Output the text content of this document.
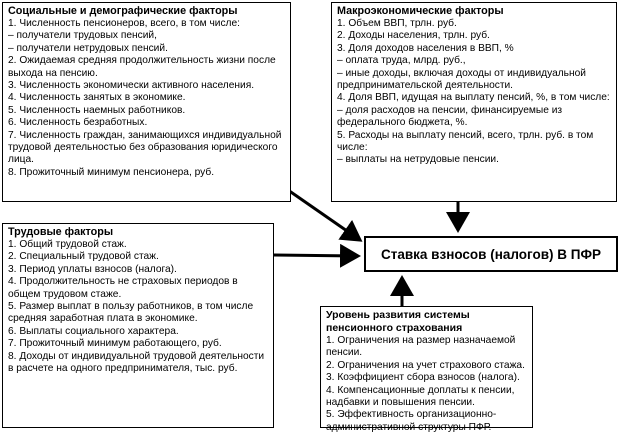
Социальные и демографические факторы
1. Численность пенсионеров, всего, в том числе:
– получатели трудовых пенсий,
– получатели нетрудовых пенсий.
2. Ожидаемая средняя продолжительность жизни после выхода на пенсию.
3. Численность экономически активного населения.
4. Численность занятых в экономике.
5. Численность наемных работников.
6. Численность безработных.
7. Численность граждан, занимающихся индивидуальной трудовой деятельностью без образования юридического лица.
8. Прожиточный минимум пенсионера, руб.
Макроэкономические факторы
1. Объем ВВП, трлн. руб.
2. Доходы населения, трлн. руб.
3. Доля доходов населения в ВВП, %
– оплата труда, млрд. руб.,
– иные доходы, включая доходы от индивидуальной предпринимательской деятельности.
4. Доля ВВП, идущая на выплату пенсий, %, в том числе:
– доля расходов на пенсии, финансируемые из федерального бюджета, %.
5. Расходы на выплату пенсий, всего, трлн. руб. в том числе:
– выплаты на нетрудовые пенсии.
Трудовые факторы
1. Общий трудовой стаж.
2. Специальный трудовой стаж.
3. Период уплаты взносов (налога).
4. Продолжительность не страховых периодов в общем трудовом стаже.
5. Размер выплат в пользу работников, в том числе
средняя заработная плата в экономике.
6. Выплаты социального характера.
7. Прожиточный минимум работающего, руб.
8. Доходы от индивидуальной трудовой деятельности в расчете на одного предпринимателя, тыс. руб.
Уровень развития системы пенсионного страхования
1. Ограничения на размер назначаемой пенсии.
2. Ограничения на учет страхового стажа.
3. Коэффициент сбора взносов (налога).
4. Компенсационные доплаты к пенсии, надбавки и повышения пенсии.
5. Эффективность организационно-административной структуры ПФР.
Ставка взносов (налогов) В ПФР
